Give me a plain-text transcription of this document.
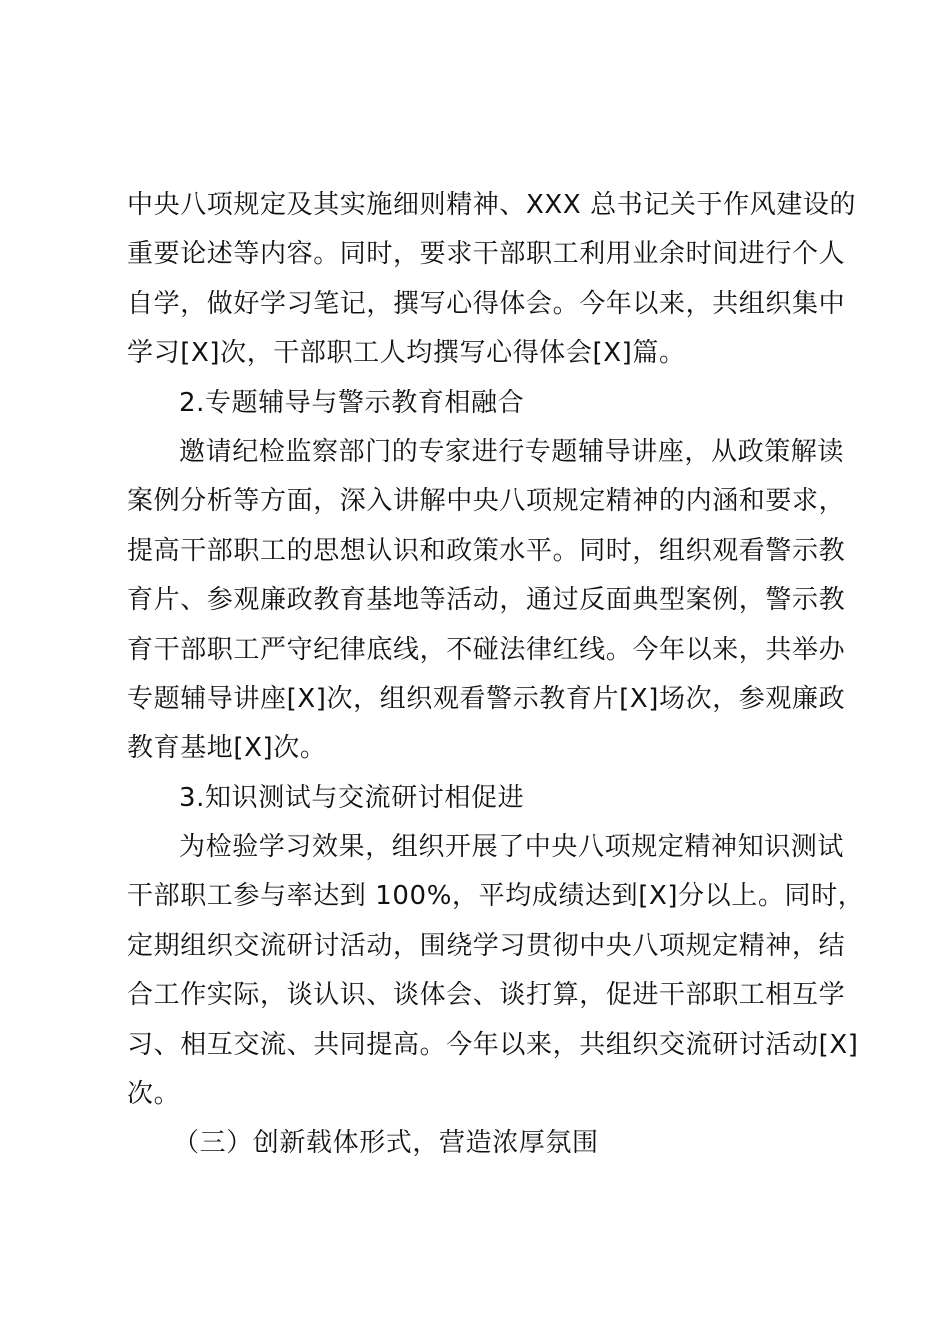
中央八项规定及其实施细则精神、XXX 总书记关于作风建设的
重要论述等内容。同时，要求干部职工利用业余时间进行个人
自学，做好学习笔记，撰写心得体会。今年以来，共组织集中
学习[X]次，干部职工人均撰写心得体会[X]篇。
2.专题辅导与警示教育相融合
邀请纪检监察部门的专家进行专题辅导讲座，从政策解读
案例分析等方面，深入讲解中央八项规定精神的内涵和要求，
提高干部职工的思想认识和政策水平。同时，组织观看警示教
育片、参观廉政教育基地等活动，通过反面典型案例，警示教
育干部职工严守纪律底线，不碰法律红线。今年以来，共举办
专题辅导讲座[X]次，组织观看警示教育片[X]场次，参观廉政
教育基地[X]次。
3.知识测试与交流研讨相促进
为检验学习效果，组织开展了中央八项规定精神知识测试
干部职工参与率达到 100%，平均成绩达到[X]分以上。同时，
定期组织交流研讨活动，围绕学习贯彻中央八项规定精神，结
合工作实际，谈认识、谈体会、谈打算，促进干部职工相互学
习、相互交流、共同提高。今年以来，共组织交流研讨活动[X]
次。
（三）创新载体形式，营造浓厚氛围
